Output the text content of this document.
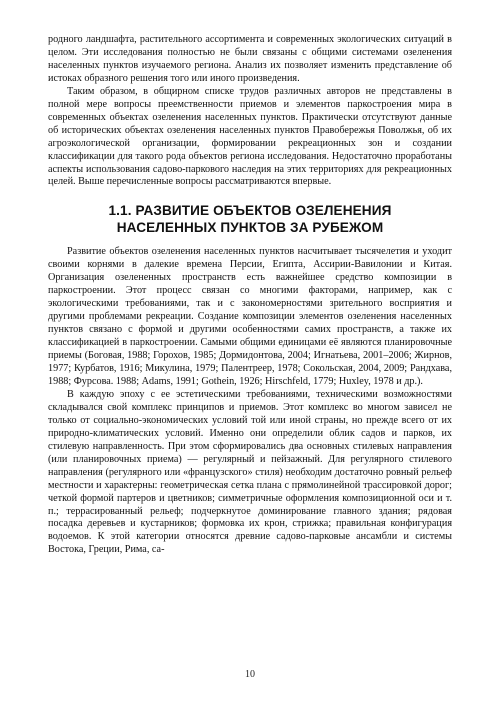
родного ландшафта, растительного ассортимента и современных экологических ситуаций в целом. Эти исследования полностью не были связаны с общими системами озеленения населенных пунктов изучаемого региона. Анализ их позволяет изменить представление об истоках образного решения того или иного произведения.

Таким образом, в общирном списке трудов различных авторов не представлены в полной мере вопросы преемственности приемов и элементов паркостроения мира в современных объектах озеленения населенных пунктов. Практически отсутствуют данные об исторических объектах озеленения населенных пунктов Правобережья Поволжья, об их агроэкологической организации, формировании рекреационных зон и создании классификации для такого рода объектов региона исследования. Недостаточно проработаны аспекты использования садово-паркового наследия на этих территориях для рекреационных целей. Выше перечисленные вопросы рассматриваются впервые.

1.1. РАЗВИТИЕ ОБЪЕКТОВ ОЗЕЛЕНЕНИЯ
НАСЕЛЕННЫХ ПУНКТОВ ЗА РУБЕЖОМ

Развитие объектов озеленения населенных пунктов насчитывает тысячелетия и уходит своими корнями в далекие времена Персии, Египта, Ассирии-Вавилонии и Китая. Организация озелененных пространств есть важнейшее средство композиции в паркостроении. Этот процесс связан со многими факторами, например, как с экологическими требованиями, так и с закономерностями зрительного восприятия и другими проблемами рекреации. Создание композиции элементов озеленения населенных пунктов связано с формой и другими особенностями самих пространств, а также их классификацией в паркостроении. Самыми общими единицами её являются планировочные приемы (Боговая, 1988; Горохов, 1985; Дормидонтова, 2004; Игнатьева, 2001–2006; Жирнов, 1977; Курбатов, 1916; Микулина, 1979; Палентреер, 1978; Сокольская, 2004, 2009; Рандхава, 1988; Фурсова. 1988; Adams, 1991; Gothein, 1926; Hirschfeld, 1779; Huxley, 1978 и др.).

В каждую эпоху с ее эстетическими требованиями, техническими возможностями складывался свой комплекс принципов и приемов. Этот комплекс во многом зависел не только от социально-экономических условий той или иной страны, но прежде всего от их природно-климатических условий. Именно они определили облик садов и парков, их стилевую направленность. При этом сформировались два основных стилевых направления (или планировочных приема) — регулярный и пейзажный. Для регулярного стилевого направления (регулярного или «французского» стиля) необходим достаточно ровный рельеф местности и характерны: геометрическая сетка плана с прямолинейной трассировкой дорог; четкой формой партеров и цветников; симметричные оформления композиционной оси и т. п.; террасированный рельеф; подчеркнутое доминирование главного здания; рядовая посадка деревьев и кустарников; формовка их крон, стрижка; правильная конфигурация водоемов. К этой категории относятся древние садово-парковые ансамбли и системы Востока, Греции, Рима, са-

10
